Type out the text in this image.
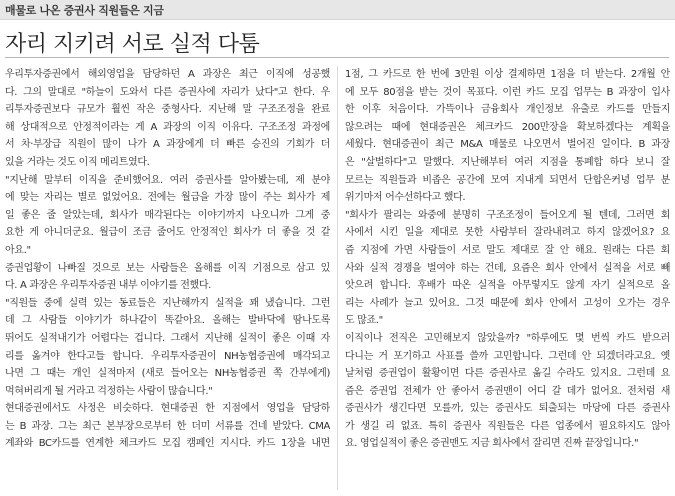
매물로 나온 증권사 직원들은 지금
자리 지키려 서로 실적 다툼
우리투자증권에서 해외영업을 담당하던 A 과장은 최근 이직에 성공했
다. 그의 말대로 "하늘이 도와서 다른 증권사에 자리가 났다"고 한다. 우
리투자증권보다 규모가 훨씬 작은 중형사다. 지난해 말 구조조정을 완료
해 상대적으로 안정적이라는 게 A 과장의 이직 이유다. 구조조정 과정에
서 차·부장급 직원이 많이 나가 A 과장에게 더 빠른 승진의 기회가 더
있을 거라는 것도 이직 메리트였다.
"지난해 말부터 이직을 준비했어요. 여러 증권사를 알아봤는데, 제 분야
에 맞는 자리는 별로 없었어요. 전에는 월급을 가장 많이 주는 회사가 제
일 좋은 줄 알았는데, 회사가 매각된다는 이야기까지 나오니까 그게 중
요한 게 아니더군요. 월급이 조금 줄어도 안정적인 회사가 더 좋을 것 같
아요."
증권업황이 나빠질 것으로 보는 사람들은 올해를 이직 기점으로 삼고 있
다. A 과장은 우리투자증권 내부 이야기를 전했다.
"직원들 중에 실력 있는 동료들은 지난해까지 실적을 꽤 냈습니다. 그런
데 그 사람들 이야기가 하나같이 똑같아요. 올해는 발바닥에 땀나도록
뛰어도 실적내기가 어렵다는 겁니다. 그래서 지난해 실적이 좋은 이때 자
리를 옮겨야 한다고들 합니다. 우리투자증권이 NH농협증권에 매각되고
나면 그 때는 개인 실적마저 (새로 들어오는 NH농협증권 쪽 간부에게)
먹혀버리게 될 거라고 걱정하는 사람이 많습니다."
현대증권에서도 사정은 비슷하다. 현대증권 한 지점에서 영업을 담당하
는 B 과장. 그는 최근 본부장으로부터 한 더미 서류를 건네 받았다. CMA
계좌와 BC카드를 연계한 체크카드 모집 캠페인 지시다. 카드 1장을 내면
1점, 그 카드로 한 번에 3만원 이상 결제하면 1점을 더 받는다. 2개월 안
에 모두 80점을 받는 것이 목표다. 이런 카드 모집 업무는 B 과장이 입사
한 이후 처음이다. 가뜩이나 금융회사 개인정보 유출로 카드를 만들지
않으려는 때에 현대증권은 체크카드 200만장을 확보하겠다는 계획을
세웠다. 현대증권이 최근 M&A 매물로 나오면서 벌어진 일이다. B 과장
은 "살벌하다"고 말했다. 지난해부터 여러 지점을 통폐합 하다 보니 잘
모르는 직원들과 비좁은 공간에 모여 지내게 되면서 단합은커녕 업무 분
위기마저 어수선하다고 했다.
"회사가 팔리는 와중에 분명히 구조조정이 들어오게 될 텐데, 그러면 회
사에서 시킨 일을 제대로 못한 사람부터 잘라내려고 하지 않겠어요? 요
즘 지점에 가면 사람들이 서로 말도 제대로 잘 안 해요. 원래는 다른 회
사와 실적 경쟁을 벌여야 하는 건데, 요즘은 회사 안에서 실적을 서로 빼
앗으려 합니다. 후배가 따온 실적을 아무렇지도 않게 자기 실적으로 올
리는 사례가 늘고 있어요. 그것 때문에 회사 안에서 고성이 오가는 경우
도 많죠."
이직이나 전직은 고민해보지 않았을까? "하루에도 몇 번씩 카드 받으러
다니는 거 포기하고 사표를 쓸까 고민합니다. 그런데 안 되겠더라고요. 옛
날처럼 증권업이 활황이면 다른 증권사로 옮길 수라도 있지요. 그런데 요
즘은 증권업 전체가 안 좋아서 증권맨이 어디 갈 데가 없어요. 전처럼 새
증권사가 생긴다면 모를까, 있는 증권사도 퇴출되는 마당에 다른 증권사
가 생길 리 없죠. 특히 증권사 직원들은 다른 업종에서 필요하지도 않아
요. 영업실적이 좋은 증권맨도 지금 회사에서 잘리면 진짜 끝장입니다."
